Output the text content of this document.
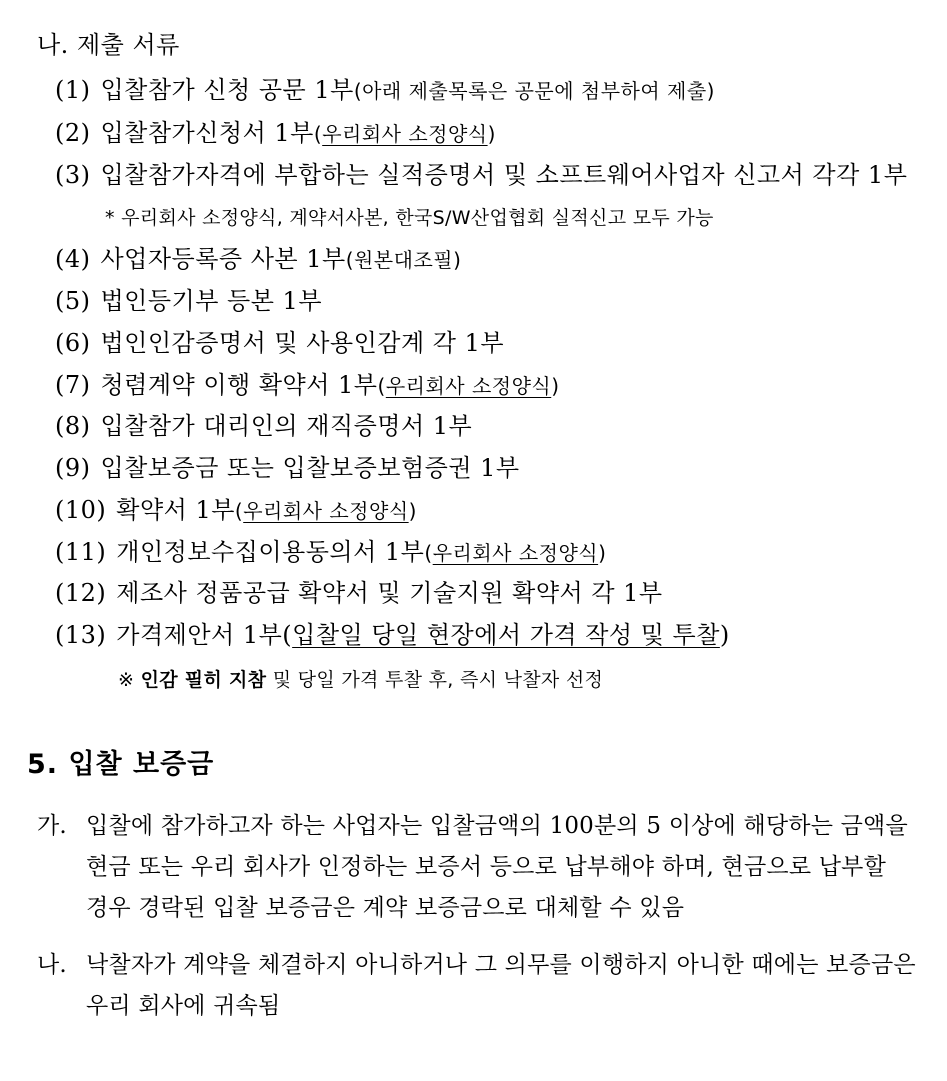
나. 제출 서류
(1) 입찰참가 신청 공문 1부(아래 제출목록은 공문에 첨부하여 제출)
(2) 입찰참가신청서 1부(우리회사 소정양식)
(3) 입찰참가자격에 부합하는 실적증명서 및 소프트웨어사업자 신고서 각각 1부
* 우리회사 소정양식, 계약서사본, 한국S/W산업협회 실적신고 모두 가능
(4) 사업자등록증 사본 1부(원본대조필)
(5) 법인등기부 등본 1부
(6) 법인인감증명서 및 사용인감계 각 1부
(7) 청렴계약 이행 확약서 1부(우리회사 소정양식)
(8) 입찰참가 대리인의 재직증명서 1부
(9) 입찰보증금 또는 입찰보증보험증권 1부
(10) 확약서 1부(우리회사 소정양식)
(11) 개인정보수집이용동의서 1부(우리회사 소정양식)
(12) 제조사 정품공급 확약서 및 기술지원 확약서 각 1부
(13) 가격제안서 1부(입찰일 당일 현장에서 가격 작성 및 투찰)
※ 인감 필히 지참 및 당일 가격 투찰 후, 즉시 낙찰자 선정
5. 입찰 보증금
가. 입찰에 참가하고자 하는 사업자는 입찰금액의 100분의 5 이상에 해당하는 금액을
현금 또는 우리 회사가 인정하는 보증서 등으로 납부해야 하며, 현금으로 납부할
경우 경락된 입찰 보증금은 계약 보증금으로 대체할 수 있음
나. 낙찰자가 계약을 체결하지 아니하거나 그 의무를 이행하지 아니한 때에는 보증금은
우리 회사에 귀속됨
